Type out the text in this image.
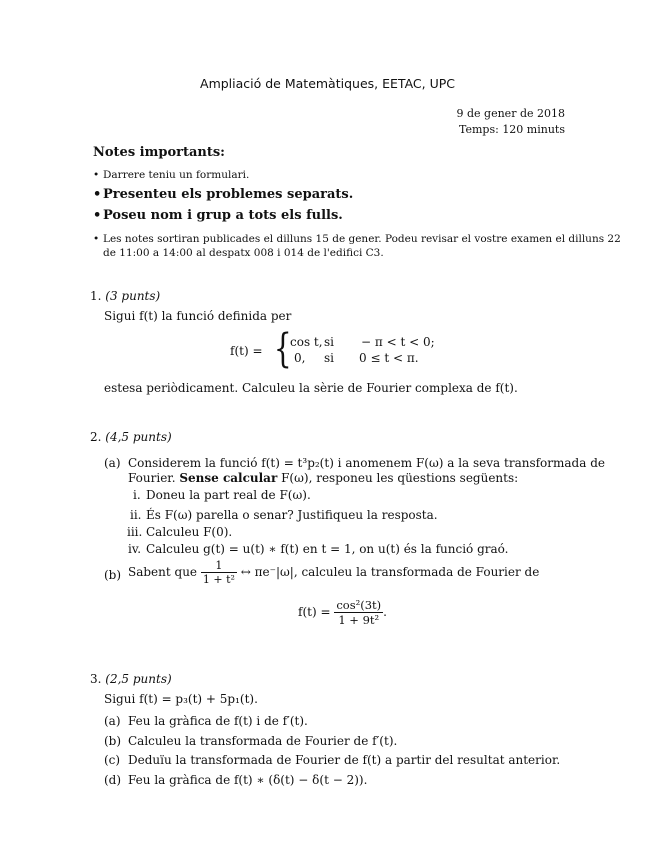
Ampliació de Matemàtiques, EETAC, UPC
9 de gener de 2018
Temps: 120 minuts
Notes importants:
• Darrere teniu un formulari.
• Presenteu els problemes separats.
• Poseu nom i grup a tots els fulls.
• Les notes sortiran publicades el dilluns 15 de gener. Podeu revisar el vostre examen el dilluns 22
de 11:00 a 14:00 al despatx 008 i 014 de l'edifici C3.
1. (3 punts)
Sigui f(t) la funció definida per
f(t) = {
cos t, si − π < t < 0;
0, si 0 ≤ t < π.
estesa periòdicament. Calculeu la sèrie de Fourier complexa de f(t).
2. (4,5 punts)
(a) Considerem la funció f(t) = t³p₂(t) i anomenem F(ω) a la seva transformada de
Fourier. Sense calcular F(ω), responeu les qüestions següents:
i. Doneu la part real de F(ω).
ii. És F(ω) parella o senar? Justifiqueu la resposta.
iii. Calculeu F(0).
iv. Calculeu g(t) = u(t) ∗ f(t) en t = 1, on u(t) és la funció graó.
(b) Sabent que $\frac{1}{\text{1 + t²}}$ ↔ πe⁻|ω|, calculeu la transformada de Fourier de
$f(t) = \frac{\text{cos²(3t)}}{\text{1 + 9t²}}$ .
3. (2,5 punts)
Sigui f(t) = p₃(t) + 5p₁(t).
(a) Feu la gràfica de f(t) i de f′(t).
(b) Calculeu la transformada de Fourier de f′(t).
(c) Deduïu la transformada de Fourier de f(t) a partir del resultat anterior.
(d) Feu la gràfica de f(t) ∗ (δ(t) − δ(t − 2)).
